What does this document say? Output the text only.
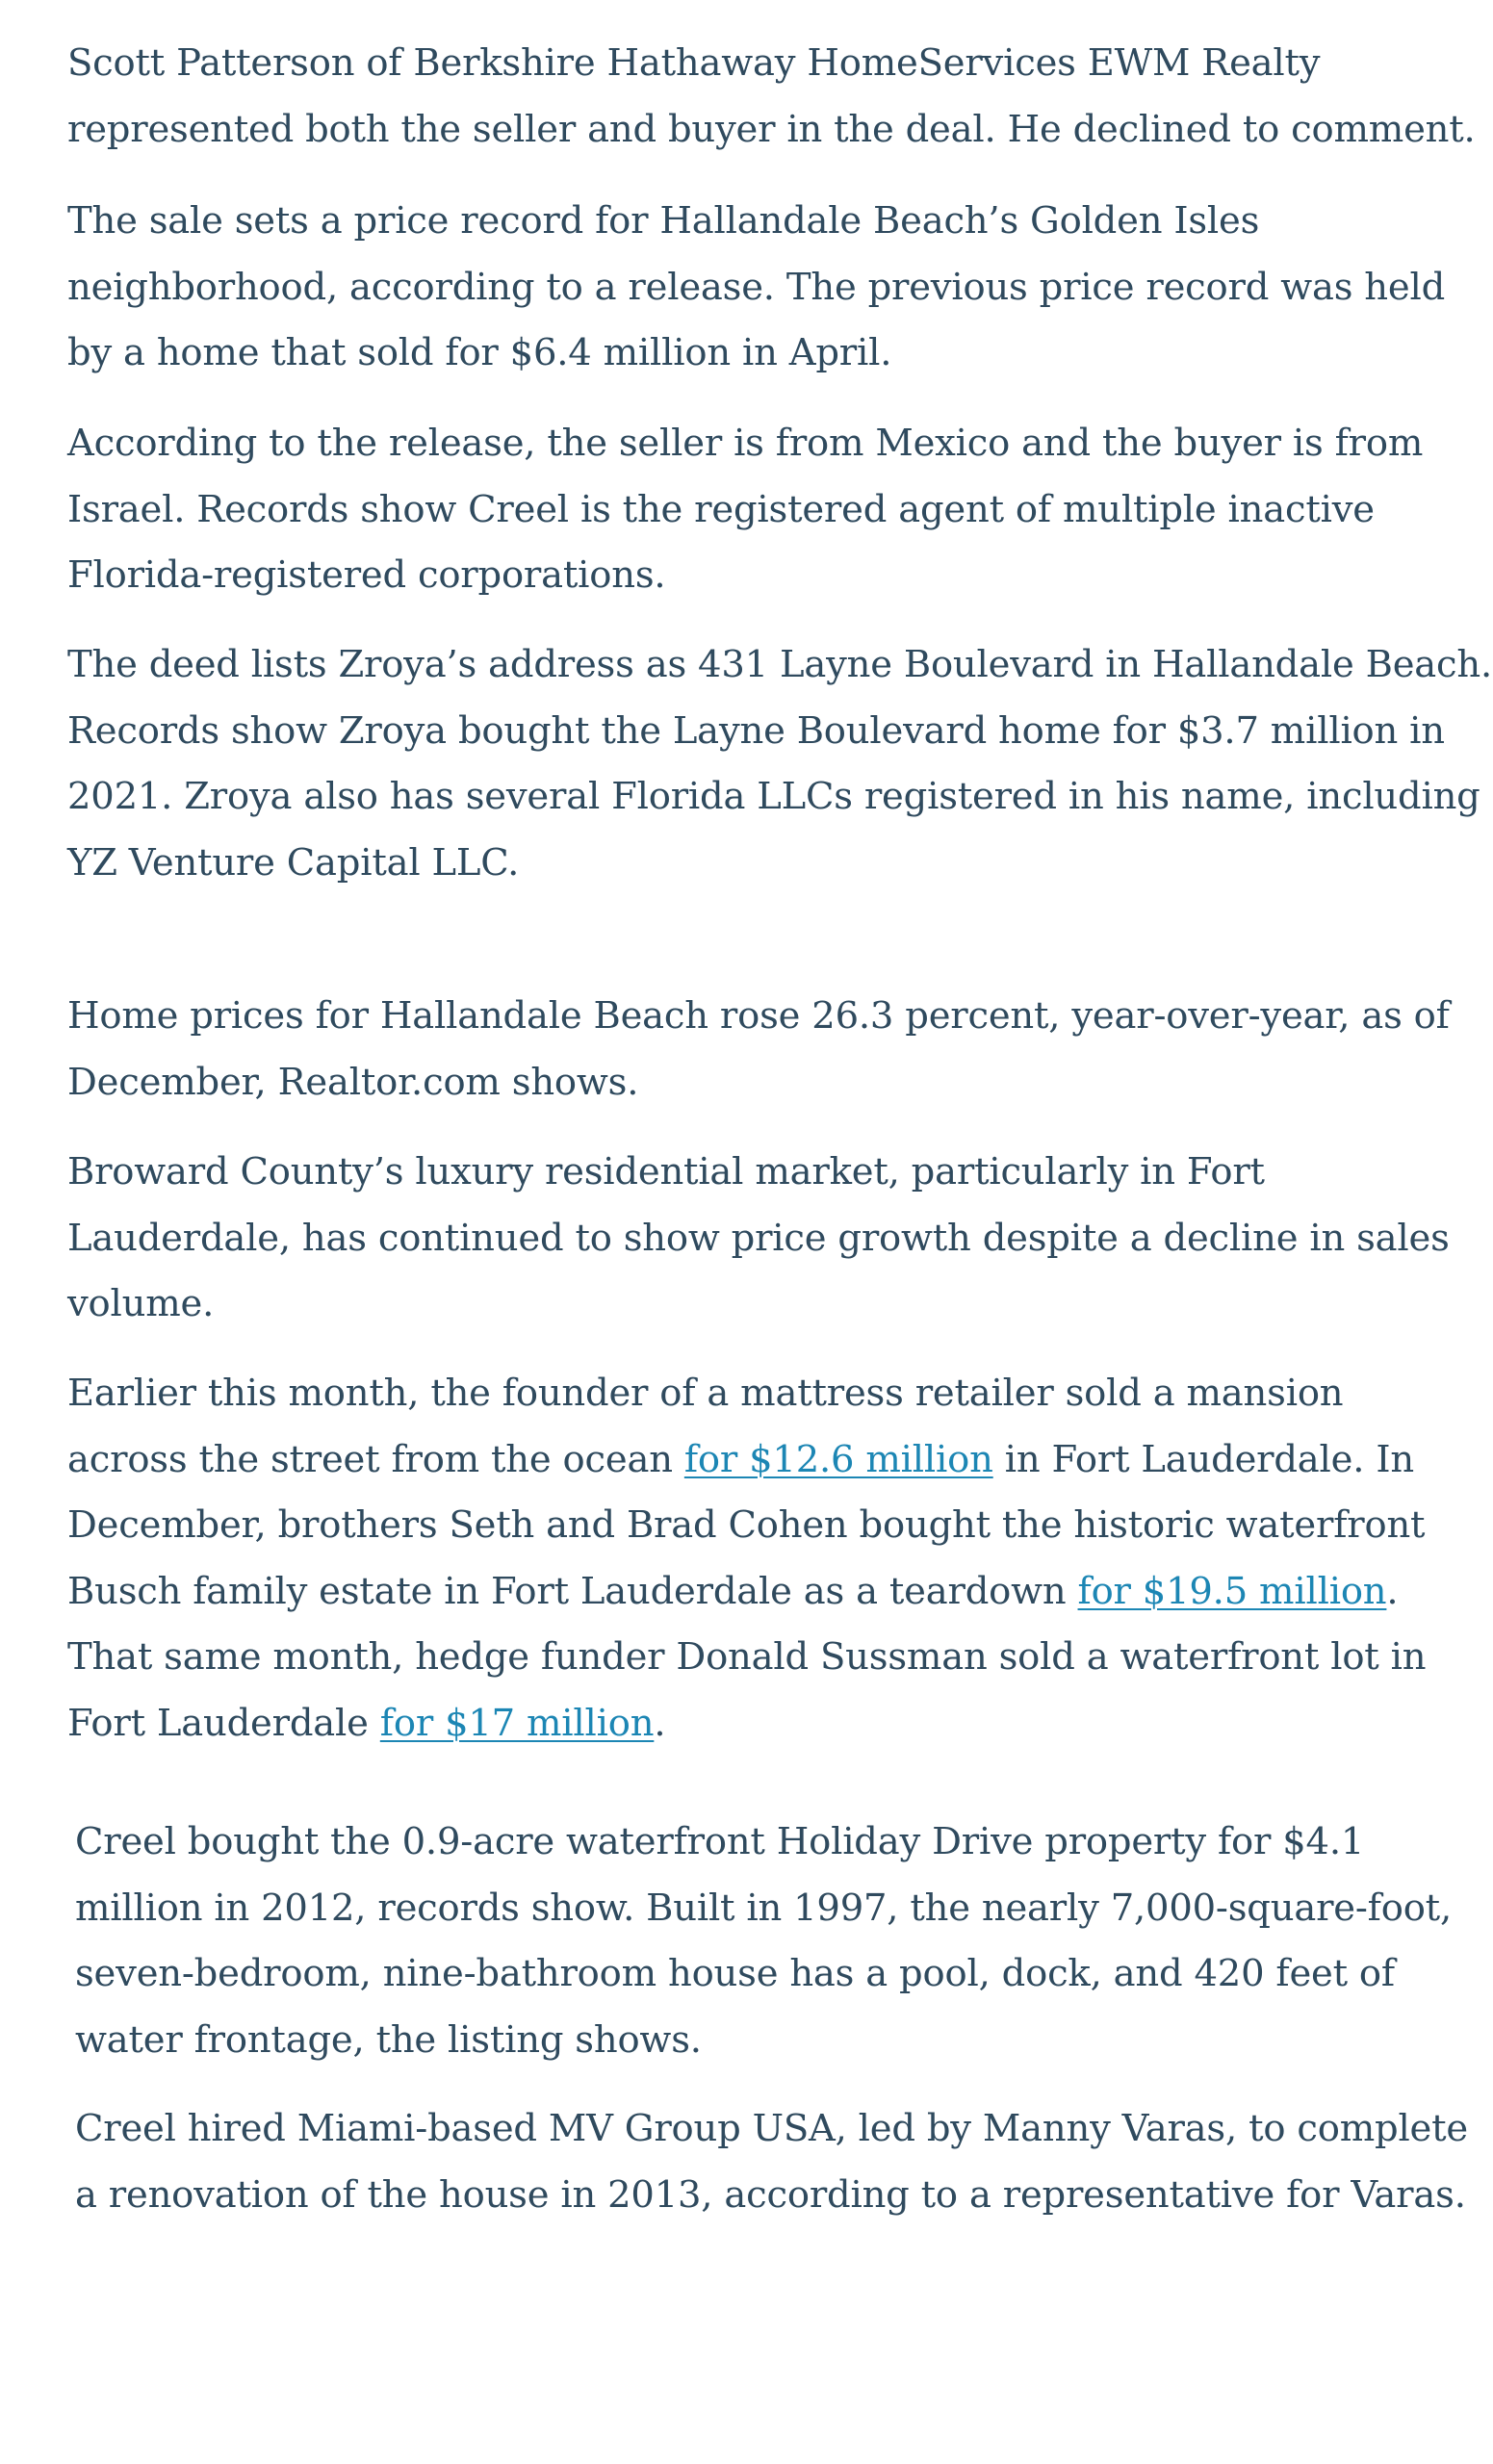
Scott Patterson of Berkshire Hathaway HomeServices EWM Realty
represented both the seller and buyer in the deal. He declined to comment.

The sale sets a price record for Hallandale Beach’s Golden Isles
neighborhood, according to a release. The previous price record was held
by a home that sold for $6.4 million in April.

According to the release, the seller is from Mexico and the buyer is from
Israel. Records show Creel is the registered agent of multiple inactive
Florida-registered corporations.

The deed lists Zroya’s address as 431 Layne Boulevard in Hallandale Beach.
Records show Zroya bought the Layne Boulevard home for $3.7 million in
2021. Zroya also has several Florida LLCs registered in his name, including
YZ Venture Capital LLC.

Home prices for Hallandale Beach rose 26.3 percent, year-over-year, as of
December, Realtor.com shows.

Broward County’s luxury residential market, particularly in Fort
Lauderdale, has continued to show price growth despite a decline in sales
volume.

Earlier this month, the founder of a mattress retailer sold a mansion
across the street from the ocean for $12.6 million in Fort Lauderdale. In
December, brothers Seth and Brad Cohen bought the historic waterfront
Busch family estate in Fort Lauderdale as a teardown for $19.5 million.
That same month, hedge funder Donald Sussman sold a waterfront lot in
Fort Lauderdale for $17 million.

Creel bought the 0.9-acre waterfront Holiday Drive property for $4.1
million in 2012, records show. Built in 1997, the nearly 7,000-square-foot,
seven-bedroom, nine-bathroom house has a pool, dock, and 420 feet of
water frontage, the listing shows.

Creel hired Miami-based MV Group USA, led by Manny Varas, to complete
a renovation of the house in 2013, according to a representative for Varas.
